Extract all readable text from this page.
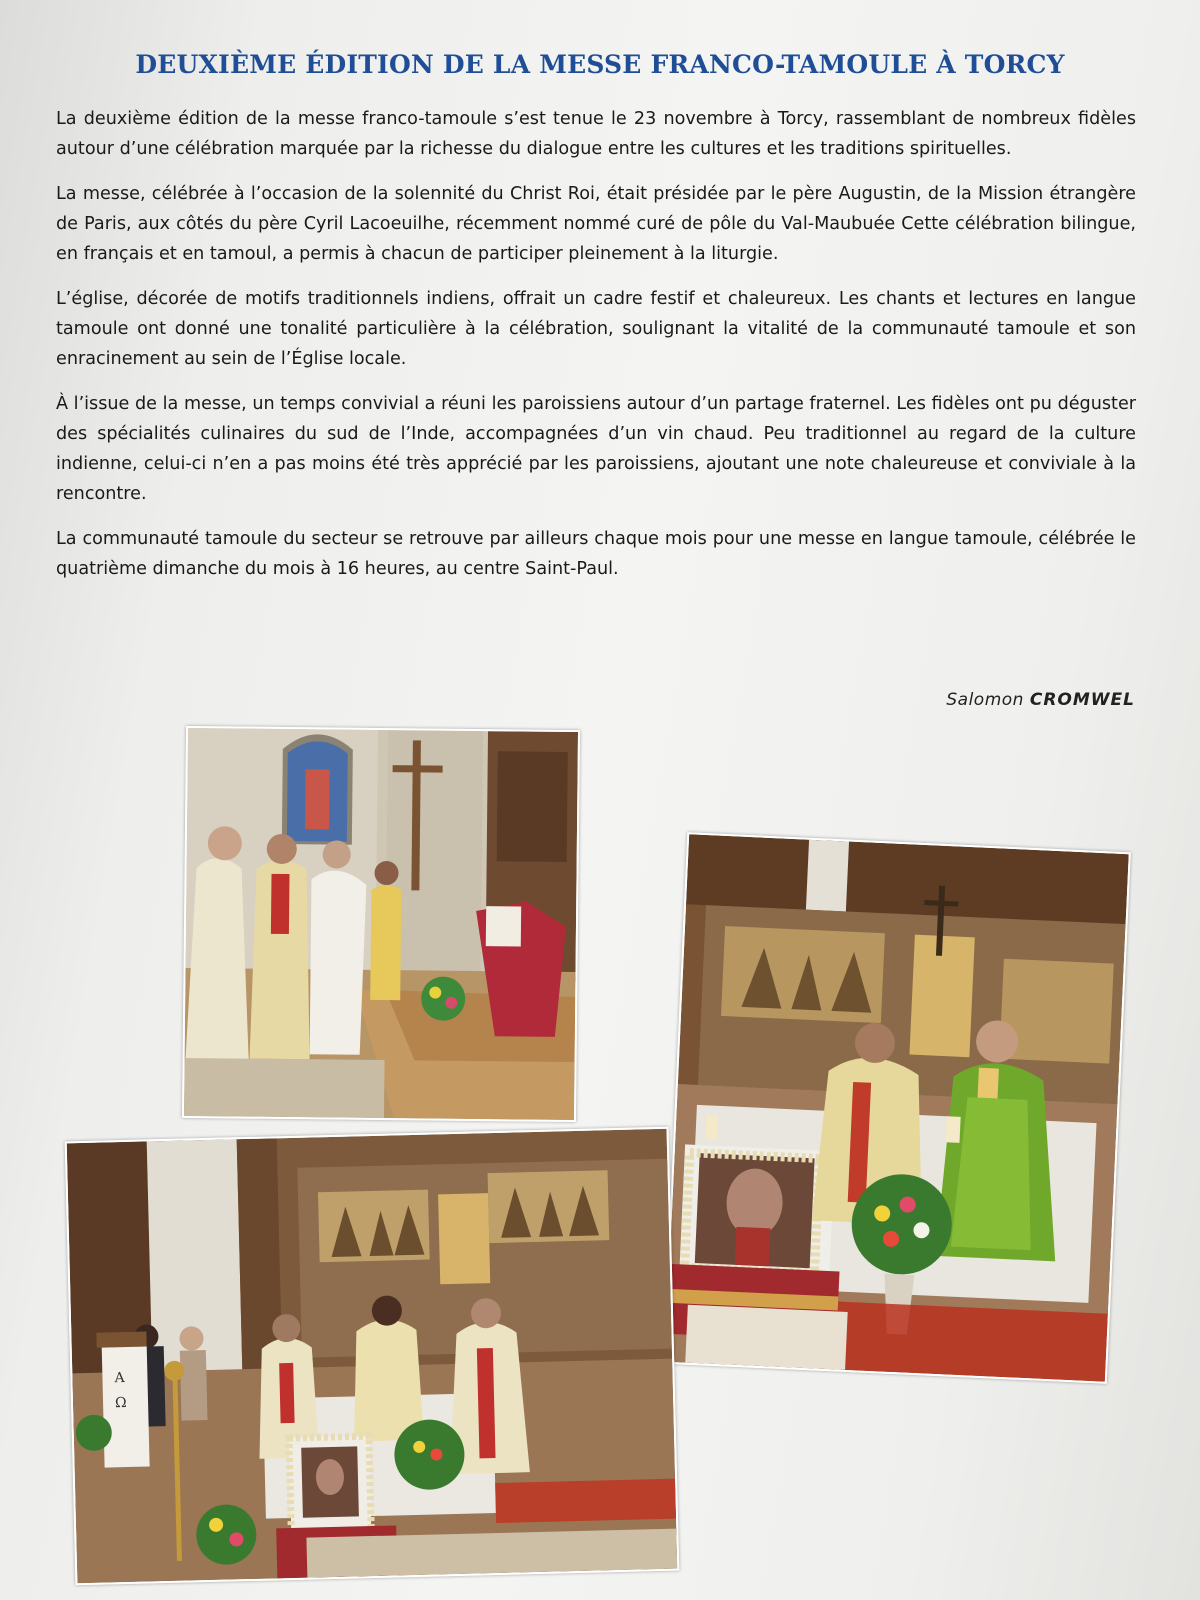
DEUXIÈME ÉDITION DE LA MESSE FRANCO-TAMOULE À TORCY

La deuxième édition de la messe franco-tamoule s’est tenue le 23 novembre à Torcy, rassemblant de nombreux fidèles autour d’une célébration marquée par la richesse du dialogue entre les cultures et les traditions spirituelles.

La messe, célébrée à l’occasion de la solennité du Christ Roi, était présidée par le père Augustin, de la Mission étrangère de Paris, aux côtés du père Cyril Lacoeuilhe, récemment nommé curé de pôle du Val-Maubuée Cette célébration bilingue, en français et en tamoul, a permis à chacun de participer pleinement à la liturgie.

L’église, décorée de motifs traditionnels indiens, offrait un cadre festif et chaleureux. Les chants et lectures en langue tamoule ont donné une tonalité particulière à la célébration, soulignant la vitalité de la communauté tamoule et son enracinement au sein de l’Église locale.

À l’issue de la messe, un temps convivial a réuni les paroissiens autour d’un partage fraternel. Les fidèles ont pu déguster des spécialités culinaires du sud de l’Inde, accompagnées d’un vin chaud. Peu traditionnel au regard de la culture indienne, celui-ci n’en a pas moins été très apprécié par les paroissiens, ajoutant une note chaleureuse et conviviale à la rencontre.

La communauté tamoule du secteur se retrouve par ailleurs chaque mois pour une messe en langue tamoule, célébrée le quatrième dimanche du mois à 16 heures, au centre Saint-Paul.

Salomon CROMWEL
A
Ω
